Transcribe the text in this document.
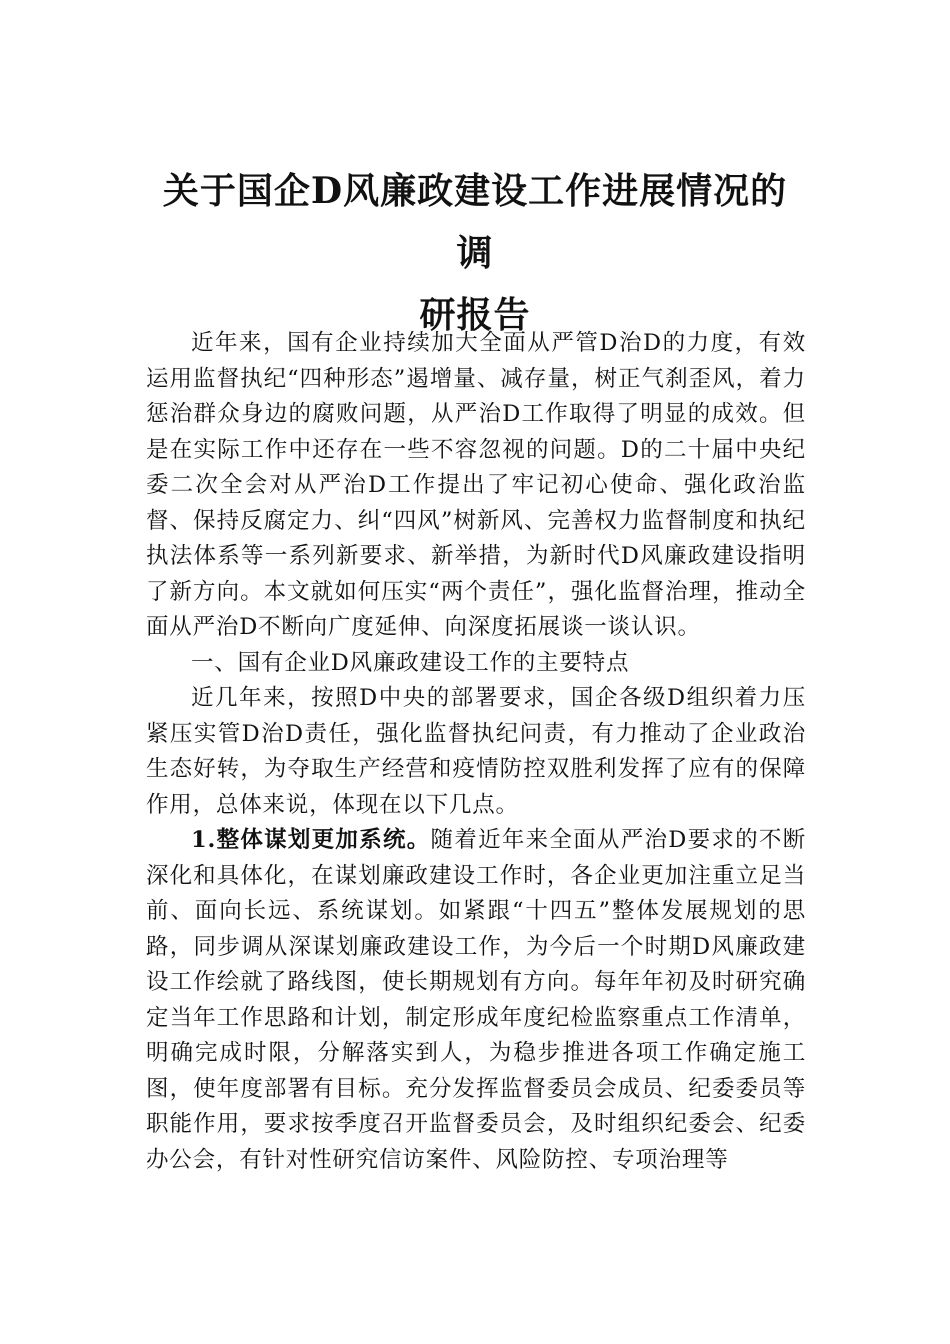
关于国企D风廉政建设工作进展情况的调
研报告

近年来，国有企业持续加大全面从严管D治D的力度，有效运用监督执纪“四种形态”遏增量、减存量，树正气刹歪风，着力惩治群众身边的腐败问题，从严治D工作取得了明显的成效。但是在实际工作中还存在一些不容忽视的问题。D的二十届中央纪委二次全会对从严治D工作提出了牢记初心使命、强化政治监督、保持反腐定力、纠“四风”树新风、完善权力监督制度和执纪执法体系等一系列新要求、新举措，为新时代D风廉政建设指明了新方向。本文就如何压实“两个责任”，强化监督治理，推动全面从严治D不断向广度延伸、向深度拓展谈一谈认识。

一、国有企业D风廉政建设工作的主要特点

近几年来，按照D中央的部署要求，国企各级D组织着力压紧压实管D治D责任，强化监督执纪问责，有力推动了企业政治生态好转，为夺取生产经营和疫情防控双胜利发挥了应有的保障作用，总体来说，体现在以下几点。

1.整体谋划更加系统。随着近年来全面从严治D要求的不断深化和具体化，在谋划廉政建设工作时，各企业更加注重立足当前、面向长远、系统谋划。如紧跟“十四五”整体发展规划的思路，同步调从深谋划廉政建设工作，为今后一个时期D风廉政建设工作绘就了路线图，使长期规划有方向。每年年初及时研究确定当年工作思路和计划，制定形成年度纪检监察重点工作清单，明确完成时限，分解落实到人，为稳步推进各项工作确定施工图，使年度部署有目标。充分发挥监督委员会成员、纪委委员等职能作用，要求按季度召开监督委员会，及时组织纪委会、纪委办公会，有针对性研究信访案件、风险防控、专项治理等
